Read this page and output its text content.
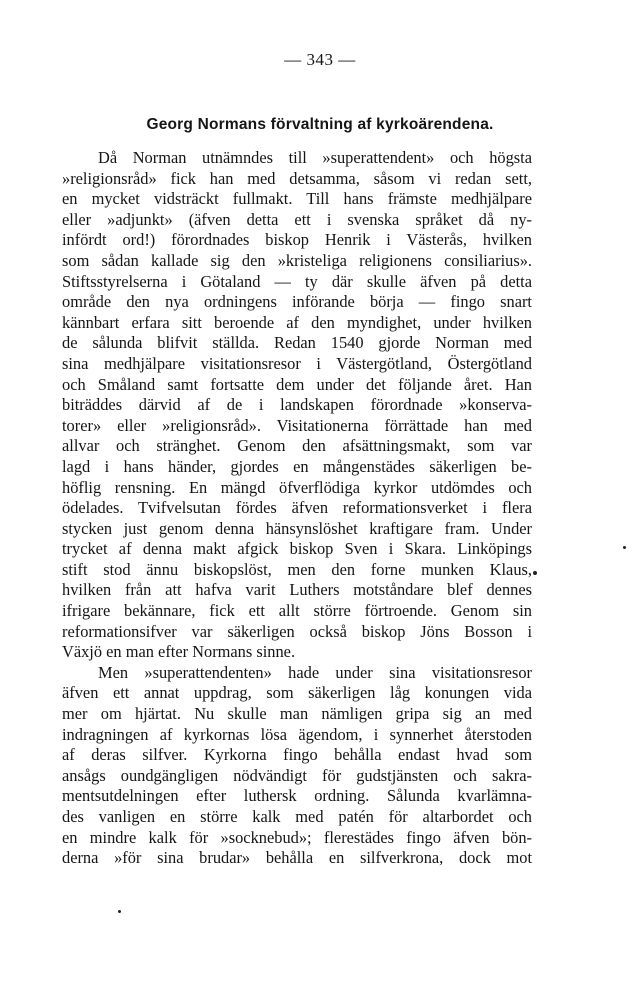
— 343 —
Georg Normans förvaltning af kyrkoärendena.
Då Norman utnämndes till »superattendent» och högsta
»religionsråd» fick han med detsamma, såsom vi redan sett,
en mycket vidsträckt fullmakt. Till hans främste medhjälpare
eller »adjunkt» (äfven detta ett i svenska språket då ny-
infördt ord!) förordnades biskop Henrik i Västerås, hvilken
som sådan kallade sig den »kristeliga religionens consiliarius».
Stiftsstyrelserna i Götaland — ty där skulle äfven på detta
område den nya ordningens införande börja — fingo snart
kännbart erfara sitt beroende af den myndighet, under hvilken
de sålunda blifvit ställda. Redan 1540 gjorde Norman med
sina medhjälpare visitationsresor i Västergötland, Östergötland
och Småland samt fortsatte dem under det följande året. Han
biträddes därvid af de i landskapen förordnade »konserva-
torer» eller »religionsråd». Visitationerna förrättade han med
allvar och stränghet. Genom den afsättningsmakt, som var
lagd i hans händer, gjordes en mångenstädes säkerligen be-
höflig rensning. En mängd öfverflödiga kyrkor utdömdes och
ödelades. Tvifvelsutan fördes äfven reformationsverket i flera
stycken just genom denna hänsynslöshet kraftigare fram. Under
trycket af denna makt afgick biskop Sven i Skara. Linköpings
stift stod ännu biskopslöst, men den forne munken Klaus,
hvilken från att hafva varit Luthers motståndare blef dennes
ifrigare bekännare, fick ett allt större förtroende. Genom sin
reformationsifver var säkerligen också biskop Jöns Bosson i
Växjö en man efter Normans sinne.
Men »superattendenten» hade under sina visitationsresor
äfven ett annat uppdrag, som säkerligen låg konungen vida
mer om hjärtat. Nu skulle man nämligen gripa sig an med
indragningen af kyrkornas lösa ägendom, i synnerhet återstoden
af deras silfver. Kyrkorna fingo behålla endast hvad som
ansågs oundgängligen nödvändigt för gudstjänsten och sakra-
mentsutdelningen efter luthersk ordning. Sålunda kvarlämna-
des vanligen en större kalk med patén för altarbordet och
en mindre kalk för »socknebud»; flerestädes fingo äfven bön-
derna »för sina brudar» behålla en silfverkrona, dock mot
